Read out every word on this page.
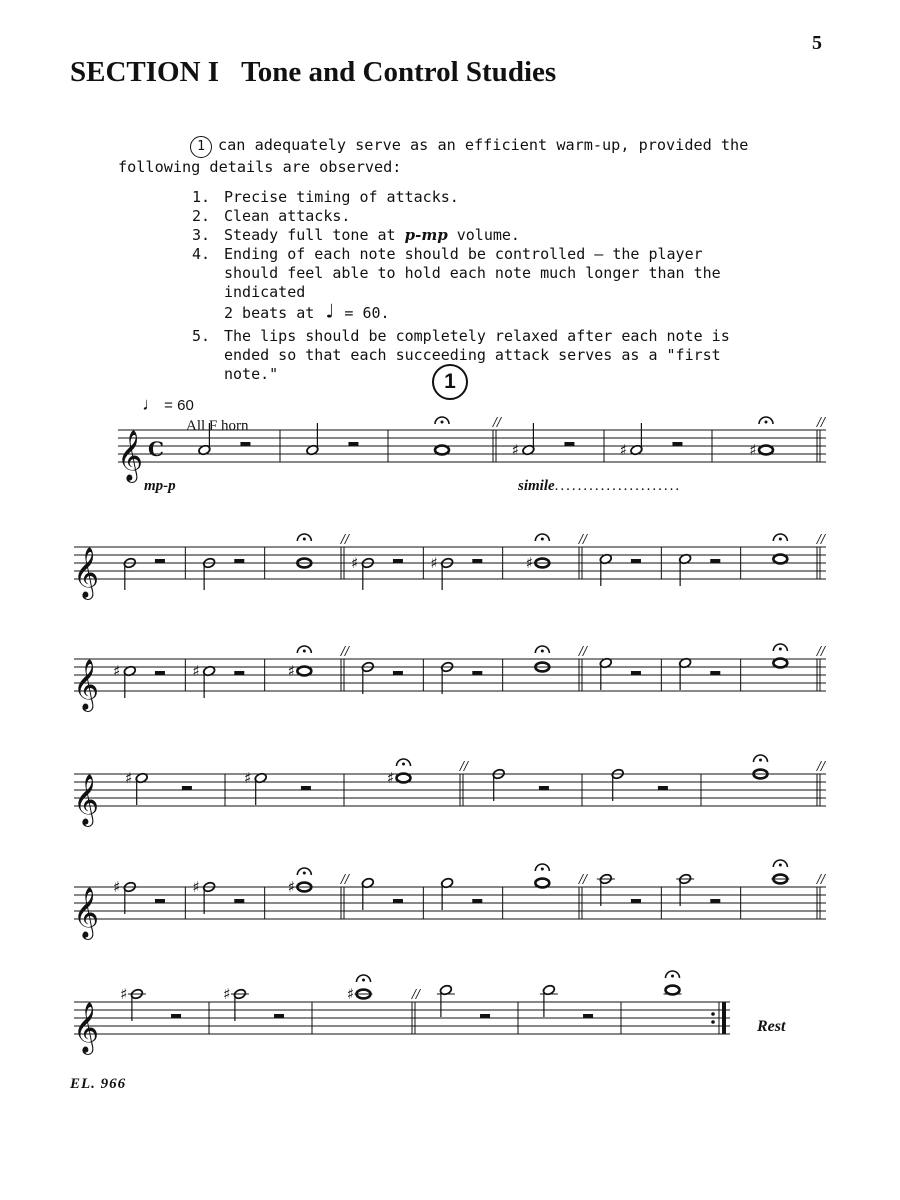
5
SECTION I Tone and Control Studies

1 can adequately serve as an efficient warm-up, provided the following details are observed:

1. Precise timing of attacks.
2. Clean attacks.
3. Steady full tone at p-mp volume.
4. Ending of each note should be controlled — the player should feel able to hold each note much longer than the indicated
2 beats at ♩ = 60.
5. The lips should be completely relaxed after each note is ended so that each succeeding attack serves as a "first note."	1
♩ = 60
All F horn
mp-p	simile......................
𝄞 C
//
♯	♯	♯
//
𝄞
//
♯	♯	♯
//	//
𝄞 ♯	♯	♯
//	//	//
𝄞 ♯	♯	♯
//	//
𝄞 ♯	♯	♯	//	//	//
𝄞
♯	♯	♯	//
Rest
EL. 966
